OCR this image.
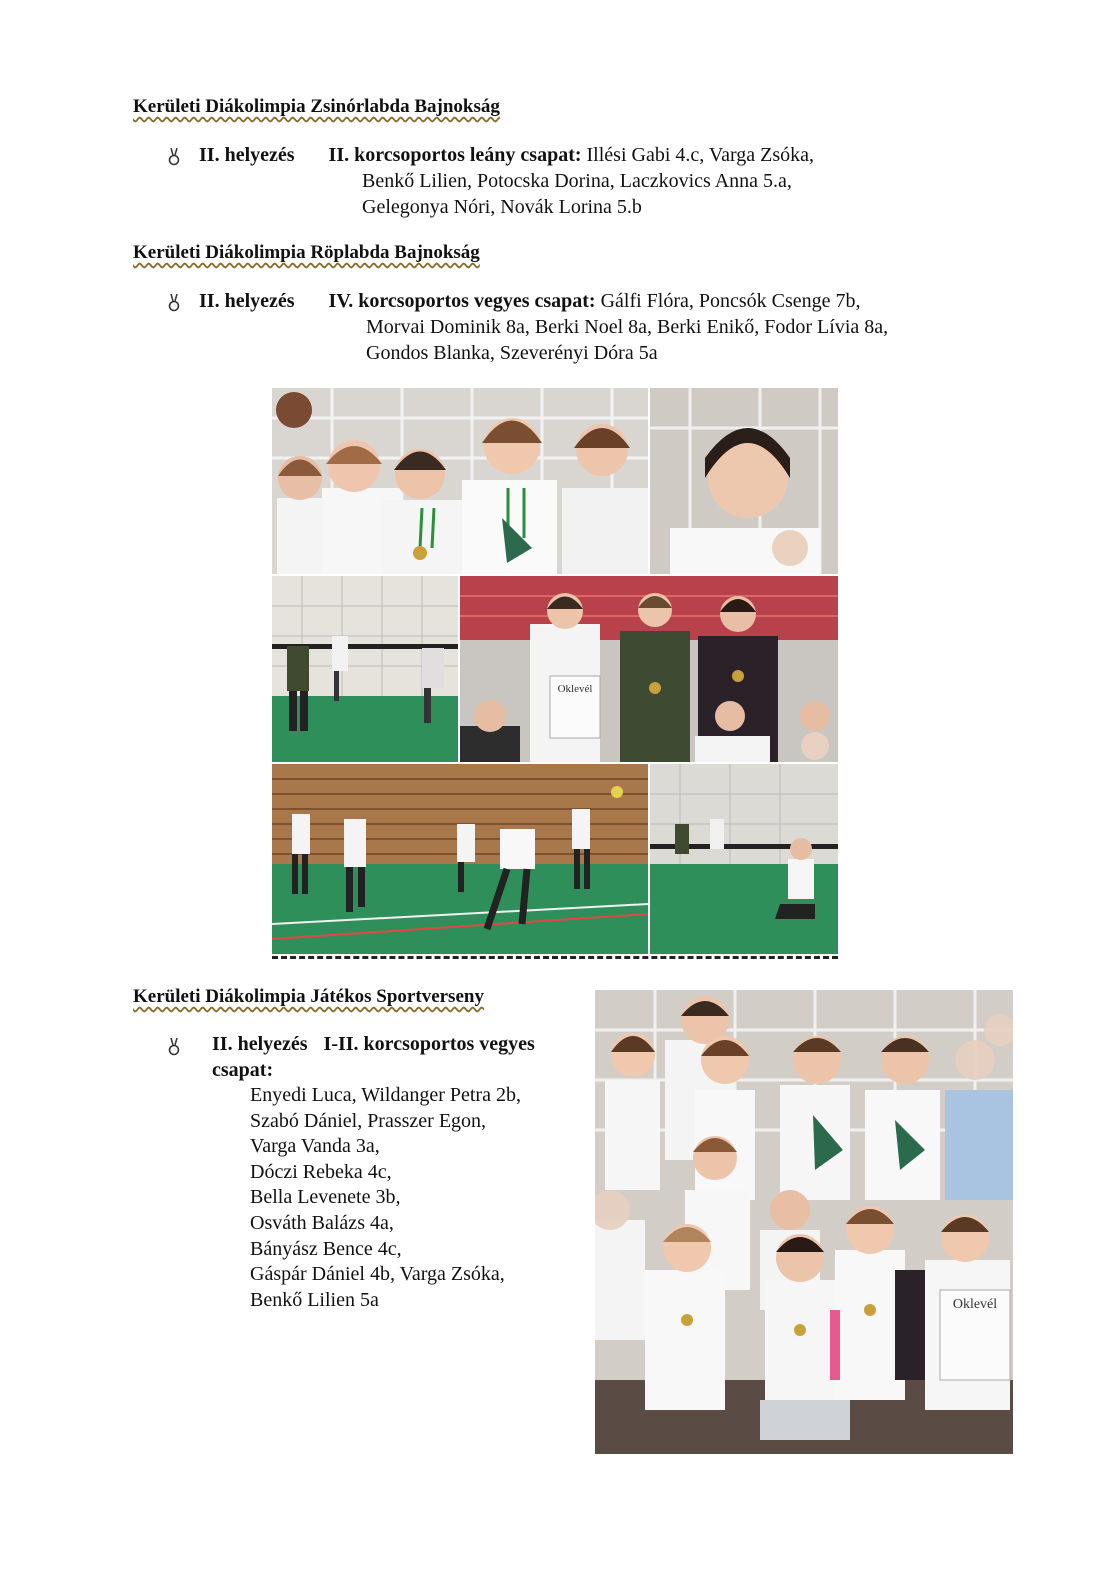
Kerületi Diákolimpia Zsinórlabda Bajnokság
II. helyezés II. korcsoportos leány csapat: Illési Gabi 4.c, Varga Zsóka,
Benkő Lilien, Potocska Dorina, Laczkovics Anna 5.a,
Gelegonya Nóri, Novák Lorina 5.b
Kerületi Diákolimpia Röplabda Bajnokság
II. helyezés IV. korcsoportos vegyes csapat: Gálfi Flóra, Poncsók Csenge 7b,
Morvai Dominik 8a, Berki Noel 8a, Berki Enikő, Fodor Lívia 8a,
Gondos Blanka, Szeverényi Dóra 5a
Oklevél
Kerületi Diákolimpia Játékos Sportverseny
II. helyezés I-II. korcsoportos vegyes
csapat:
Enyedi Luca, Wildanger Petra 2b,
Szabó Dániel, Prasszer Egon,
Varga Vanda 3a,
Dóczi Rebeka 4c,
Bella Levenete 3b,
Osváth Balázs 4a,
Bányász Bence 4c,
Gáspár Dániel 4b, Varga Zsóka,
Benkő Lilien 5a	Oklevél
